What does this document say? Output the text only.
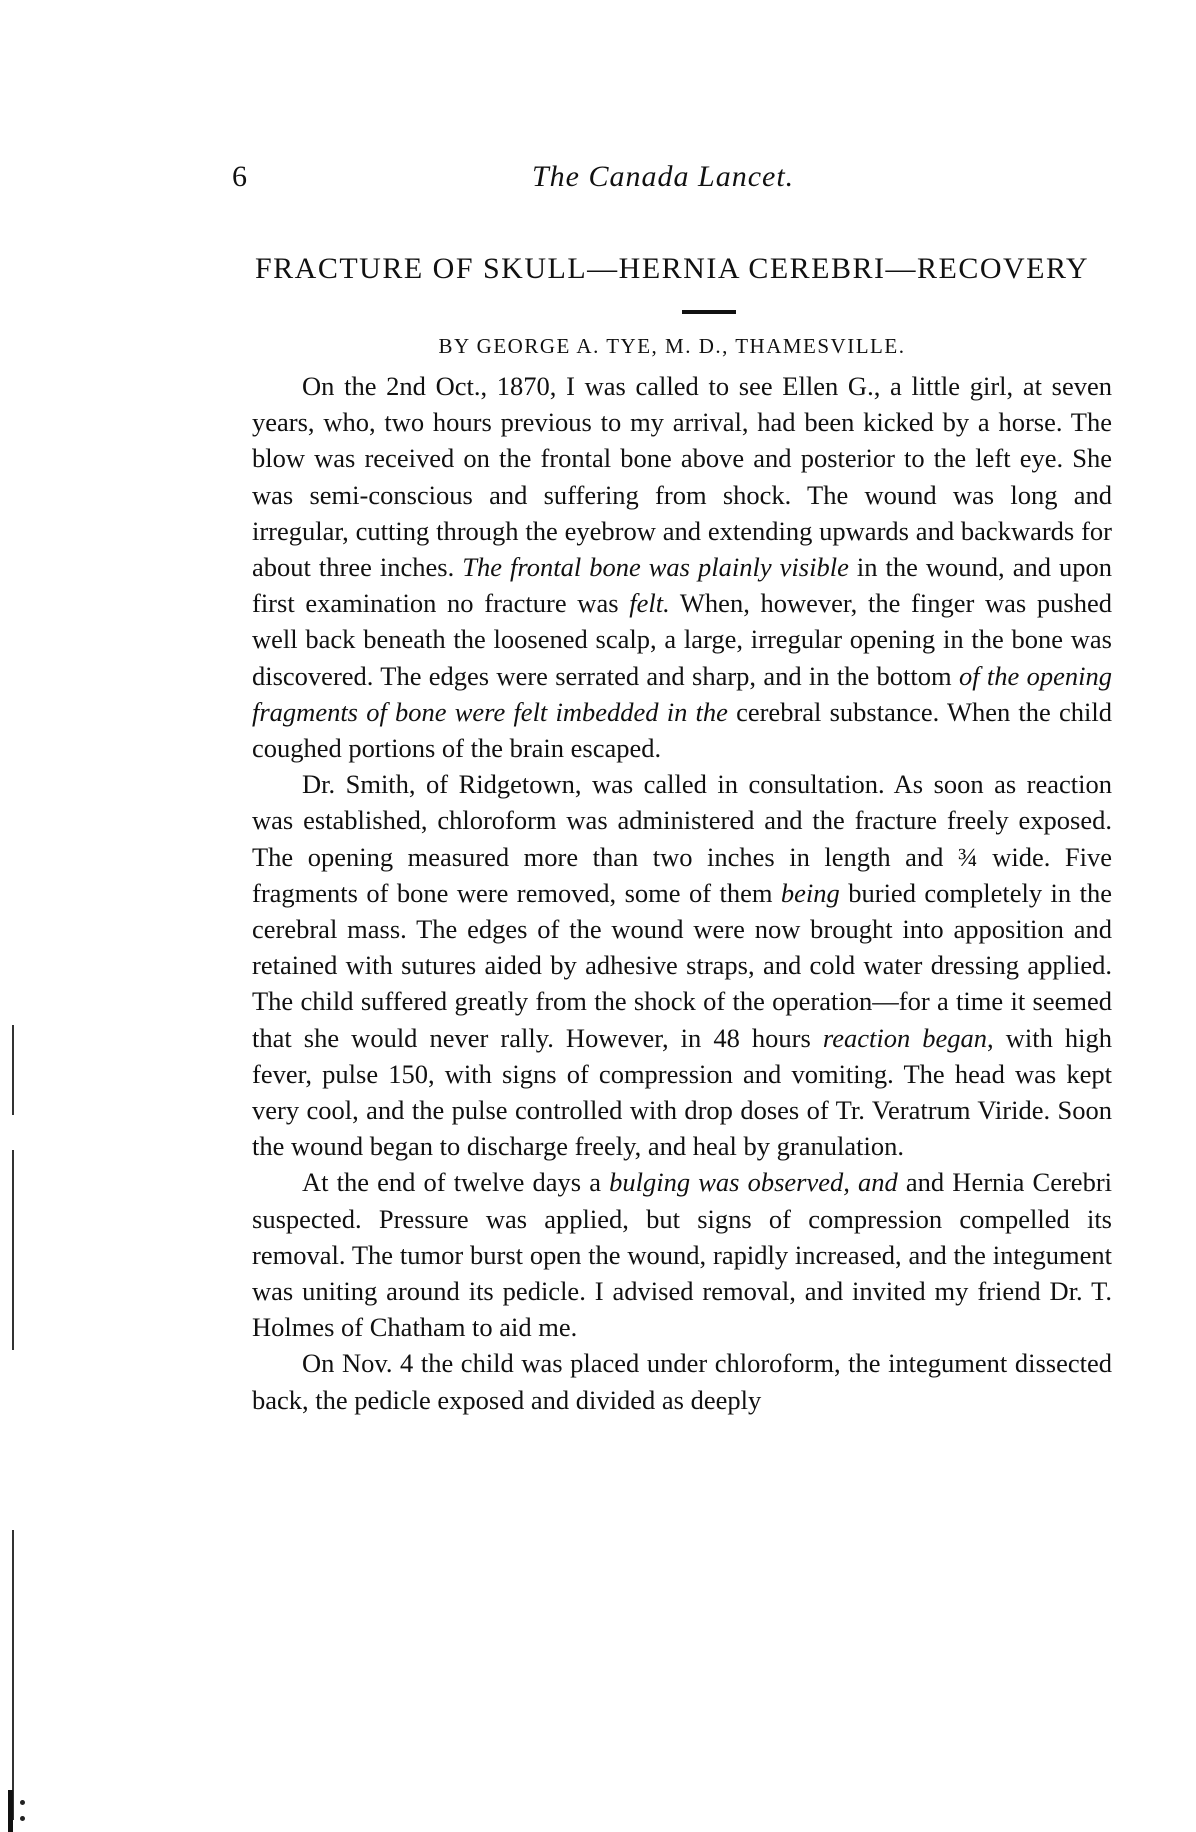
6	The Canada Lancet.
FRACTURE OF SKULL—HERNIA CEREBRI—RECOVERY
BY GEORGE A. TYE, M. D., THAMESVILLE.

On the 2nd Oct., 1870, I was called to see Ellen G., a little girl, at seven years, who, two hours previous to my arrival, had been kicked by a horse. The blow was received on the frontal bone above and posterior to the left eye. She was semi-conscious and suffering from shock. The wound was long and irregular, cutting through the eyebrow and extending upwards and backwards for about three inches. The frontal bone was plainly visible in the wound, and upon first examination no fracture was felt. When, however, the finger was pushed well back beneath the loosened scalp, a large, irregular opening in the bone was discovered. The edges were serrated and sharp, and in the bottom of the opening fragments of bone were felt imbedded in the cerebral substance. When the child coughed portions of the brain escaped.

Dr. Smith, of Ridgetown, was called in consultation. As soon as reaction was established, chloroform was administered and the fracture freely exposed. The opening measured more than two inches in length and ¾ wide. Five fragments of bone were removed, some of them being buried completely in the cerebral mass. The edges of the wound were now brought into apposition and retained with sutures aided by adhesive straps, and cold water dressing applied. The child suffered greatly from the shock of the operation—for a time it seemed that she would never rally. However, in 48 hours reaction began, with high fever, pulse 150, with signs of compression and vomiting. The head was kept very cool, and the pulse controlled with drop doses of Tr. Veratrum Viride. Soon the wound began to discharge freely, and heal by granulation.

At the end of twelve days a bulging was observed, and and Hernia Cerebri suspected. Pressure was applied, but signs of compression compelled its removal. The tumor burst open the wound, rapidly increased, and the integument was uniting around its pedicle. I advised removal, and invited my friend Dr. T. Holmes of Chatham to aid me.

On Nov. 4 the child was placed under chloroform, the integument dissected back, the pedicle exposed and divided as deeply
